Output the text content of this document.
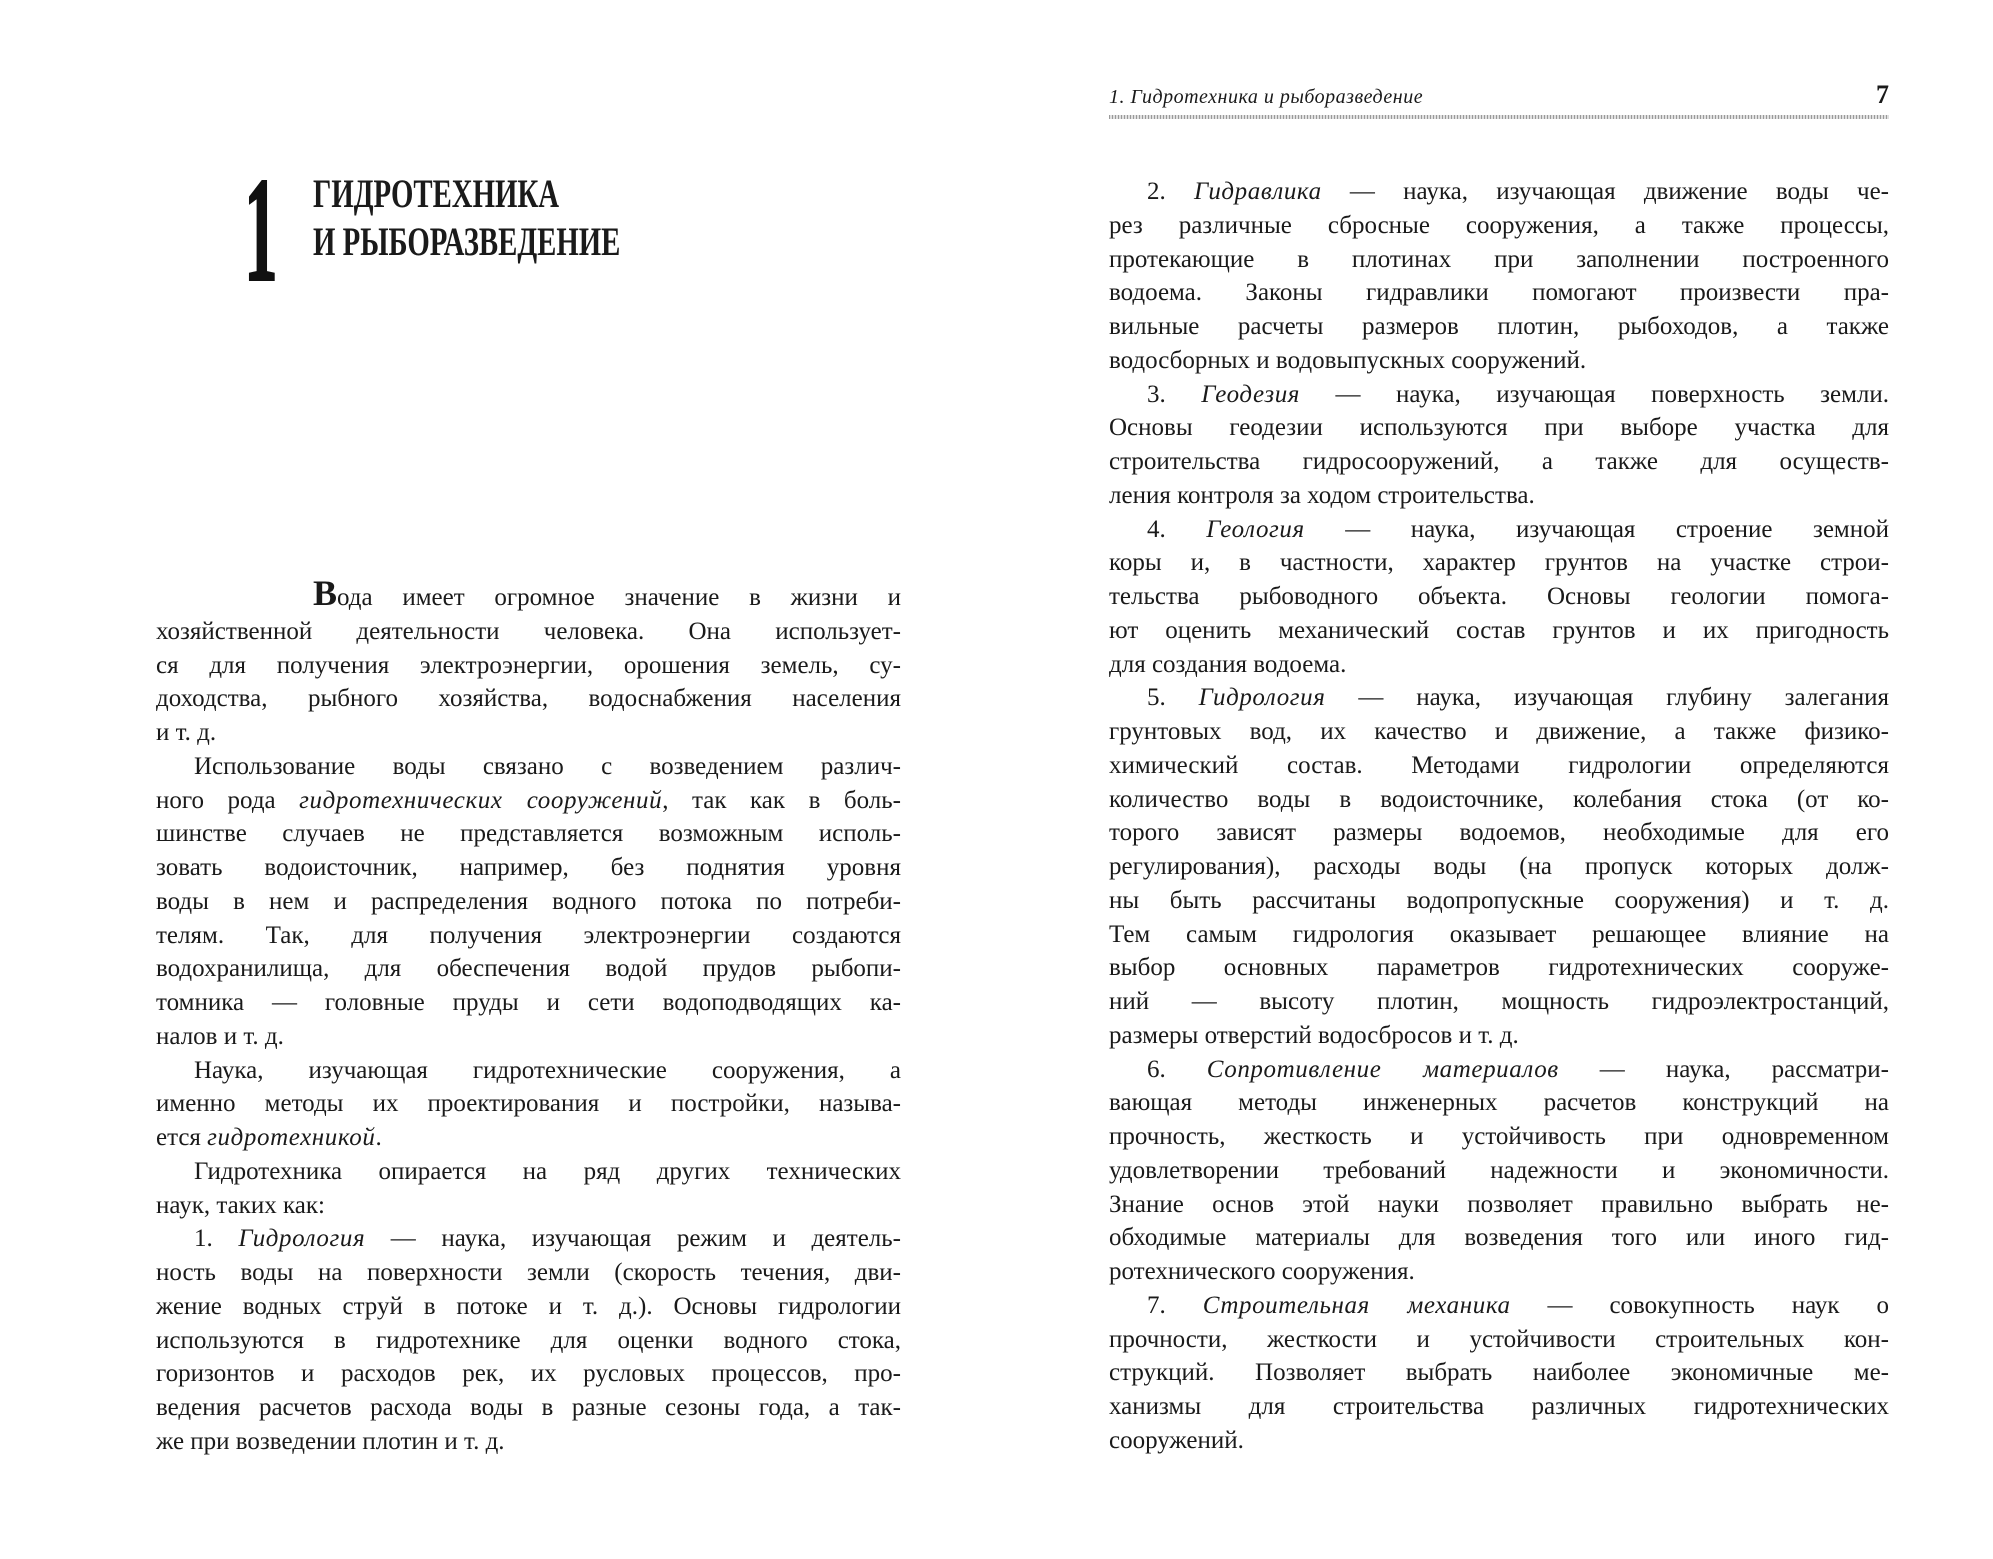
1. Гидротехника и рыборазведение	7
1 ГИДРОТЕХНИКА
И РЫБОРАЗВЕДЕНИЕ
Вода имеет огромное значение в жизни и
хозяйственной деятельности человека. Она использует-
ся для получения электроэнергии, орошения земель, су-
доходства, рыбного хозяйства, водоснабжения населения
и т. д.
Использование воды связано с возведением различ-
ного рода гидротехнических сооружений, так как в боль-
шинстве случаев не представляется возможным исполь-
зовать водоисточник, например, без поднятия уровня
воды в нем и распределения водного потока по потреби-
телям. Так, для получения электроэнергии создаются
водохранилища, для обеспечения водой прудов рыбопи-
томника — головные пруды и сети водоподводящих ка-
налов и т. д.
Наука, изучающая гидротехнические сооружения, а
именно методы их проектирования и постройки, называ-
ется гидротехникой.
Гидротехника опирается на ряд других технических
наук, таких как:
1. Гидрология — наука, изучающая режим и деятель-
ность воды на поверхности земли (скорость течения, дви-
жение водных струй в потоке и т. д.). Основы гидрологии
используются в гидротехнике для оценки водного стока,
горизонтов и расходов рек, их русловых процессов, про-
ведения расчетов расхода воды в разные сезоны года, а так-
же при возведении плотин и т. д.
2. Гидравлика — наука, изучающая движение воды че-
рез различные сбросные сооружения, а также процессы,
протекающие в плотинах при заполнении построенного
водоема. Законы гидравлики помогают произвести пра-
вильные расчеты размеров плотин, рыбоходов, а также
водосборных и водовыпускных сооружений.
3. Геодезия — наука, изучающая поверхность земли.
Основы геодезии используются при выборе участка для
строительства гидросооружений, а также для осуществ-
ления контроля за ходом строительства.
4. Геология — наука, изучающая строение земной
коры и, в частности, характер грунтов на участке строи-
тельства рыбоводного объекта. Основы геологии помога-
ют оценить механический состав грунтов и их пригодность
для создания водоема.
5. Гидрология — наука, изучающая глубину залегания
грунтовых вод, их качество и движение, а также физико-
химический состав. Методами гидрологии определяются
количество воды в водоисточнике, колебания стока (от ко-
торого зависят размеры водоемов, необходимые для его
регулирования), расходы воды (на пропуск которых долж-
ны быть рассчитаны водопропускные сооружения) и т. д.
Тем самым гидрология оказывает решающее влияние на
выбор основных параметров гидротехнических сооруже-
ний — высоту плотин, мощность гидроэлектростанций,
размеры отверстий водосбросов и т. д.
6. Сопротивление материалов — наука, рассматри-
вающая методы инженерных расчетов конструкций на
прочность, жесткость и устойчивость при одновременном
удовлетворении требований надежности и экономичности.
Знание основ этой науки позволяет правильно выбрать не-
обходимые материалы для возведения того или иного гид-
ротехнического сооружения.
7. Строительная механика — совокупность наук о
прочности, жесткости и устойчивости строительных кон-
струкций. Позволяет выбрать наиболее экономичные ме-
ханизмы для строительства различных гидротехнических
сооружений.
